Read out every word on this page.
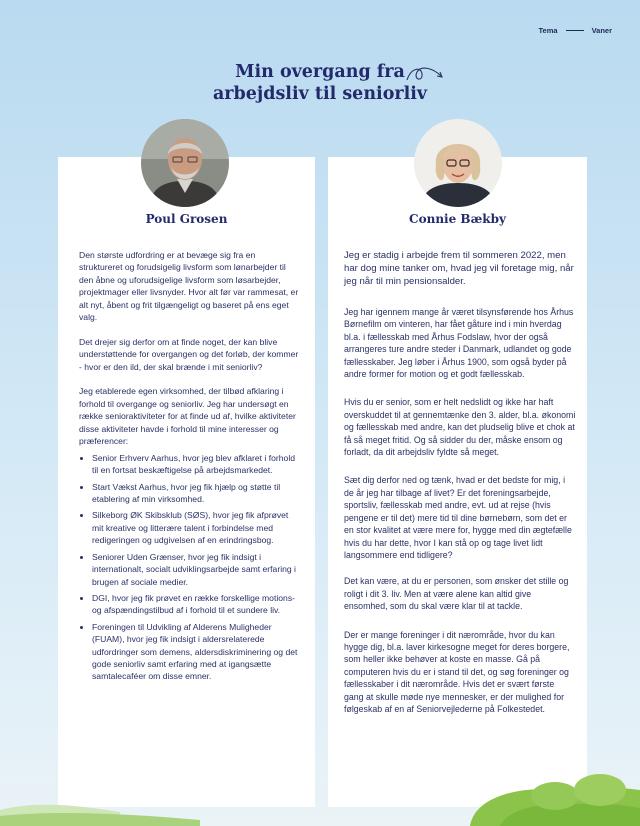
Tema	Vaner
Min overgang fra
arbejdsliv til seniorliv
Poul Grosen

Den største udfordring er at bevæge sig fra en struktureret og forudsigelig livsform som lønarbejder til den åbne og uforudsigelige livsform som løsarbejder, projektmager eller livsnyder. Hvor alt før var rammesat, er alt nyt, åbent og frit tilgængeligt og baseret på ens eget valg.

Det drejer sig derfor om at finde noget, der kan blive understøttende for overgangen og det forløb, der kommer - hvor er den ild, der skal brænde i mit seniorliv?

Jeg etablerede egen virksomhed, der tilbød afklaring i forhold til overgange og seniorliv. Jeg har undersøgt en række senioraktiviteter for at finde ud af, hvilke aktiviteter disse aktiviteter havde i forhold til mine interesser og præferencer:

• Senior Erhverv Aarhus, hvor jeg blev afklaret i forhold til en fortsat beskæftigelse på arbejdsmarkedet.
• Start Vækst Aarhus, hvor jeg fik hjælp og støtte til etablering af min virksomhed.
• Silkeborg ØK Skibsklub (SØS), hvor jeg fik afprøvet mit kreative og litterære talent i forbindelse med redigeringen og udgivelsen af en erindringsbog.
• Seniorer Uden Grænser, hvor jeg fik indsigt i internationalt, socialt udviklingsarbejde samt erfaring i brugen af sociale medier.
• DGI, hvor jeg fik prøvet en række forskellige motions- og afspændingstilbud af i forhold til et sundere liv.
• Foreningen til Udvikling af Alderens Muligheder (FUAM), hvor jeg fik indsigt i aldersrelaterede udfordringer som demens, aldersdiskriminering og det gode seniorliv samt erfaring med at igangsætte samtalecaféer om disse emner.
Connie Bækby

Jeg er stadig i arbejde frem til sommeren 2022, men har dog mine tanker om, hvad jeg vil foretage mig, når jeg når til min pensionsalder.

Jeg har igennem mange år været tilsynsførende hos Århus Børnefilm om vinteren, har fået gåture ind i min hverdag bl.a. i fællesskab med Århus Fodslaw, hvor der også arrangeres ture andre steder i Danmark, udlandet og gode fællesskaber. Jeg løber i Århus 1900, som også byder på andre former for motion og et godt fællesskab.

Hvis du er senior, som er helt nedslidt og ikke har haft overskuddet til at gennemtænke den 3. alder, bl.a. økonomi og fællesskab med andre, kan det pludselig blive et chok at få så meget fritid. Og så sidder du der, måske ensom og forladt, da dit arbejdsliv fyldte så meget.

Sæt dig derfor ned og tænk, hvad er det bedste for mig, i de år jeg har tilbage af livet? Er det foreningsarbejde, sportsliv, fællesskab med andre, evt. ud at rejse (hvis pengene er til det) mere tid til dine børnebørn, som det er en stor kvalitet at være mere for, hygge med din ægtefælle hvis du har dette, hvor I kan stå op og tage livet lidt langsommere end tidligere?

Det kan være, at du er personen, som ønsker det stille og roligt i dit 3. liv. Men at være alene kan altid give ensomhed, som du skal være klar til at tackle.

Der er mange foreninger i dit nærområde, hvor du kan hygge dig, bl.a. laver kirkesogne meget for deres borgere, som heller ikke behøver at koste en masse. Gå på computeren hvis du er i stand til det, og søg foreninger og fællesskaber i dit nærområde. Hvis det er svært første gang at skulle møde nye mennesker, er der mulighed for følgeskab af en af Seniorvejlederne på Folkestedet.
